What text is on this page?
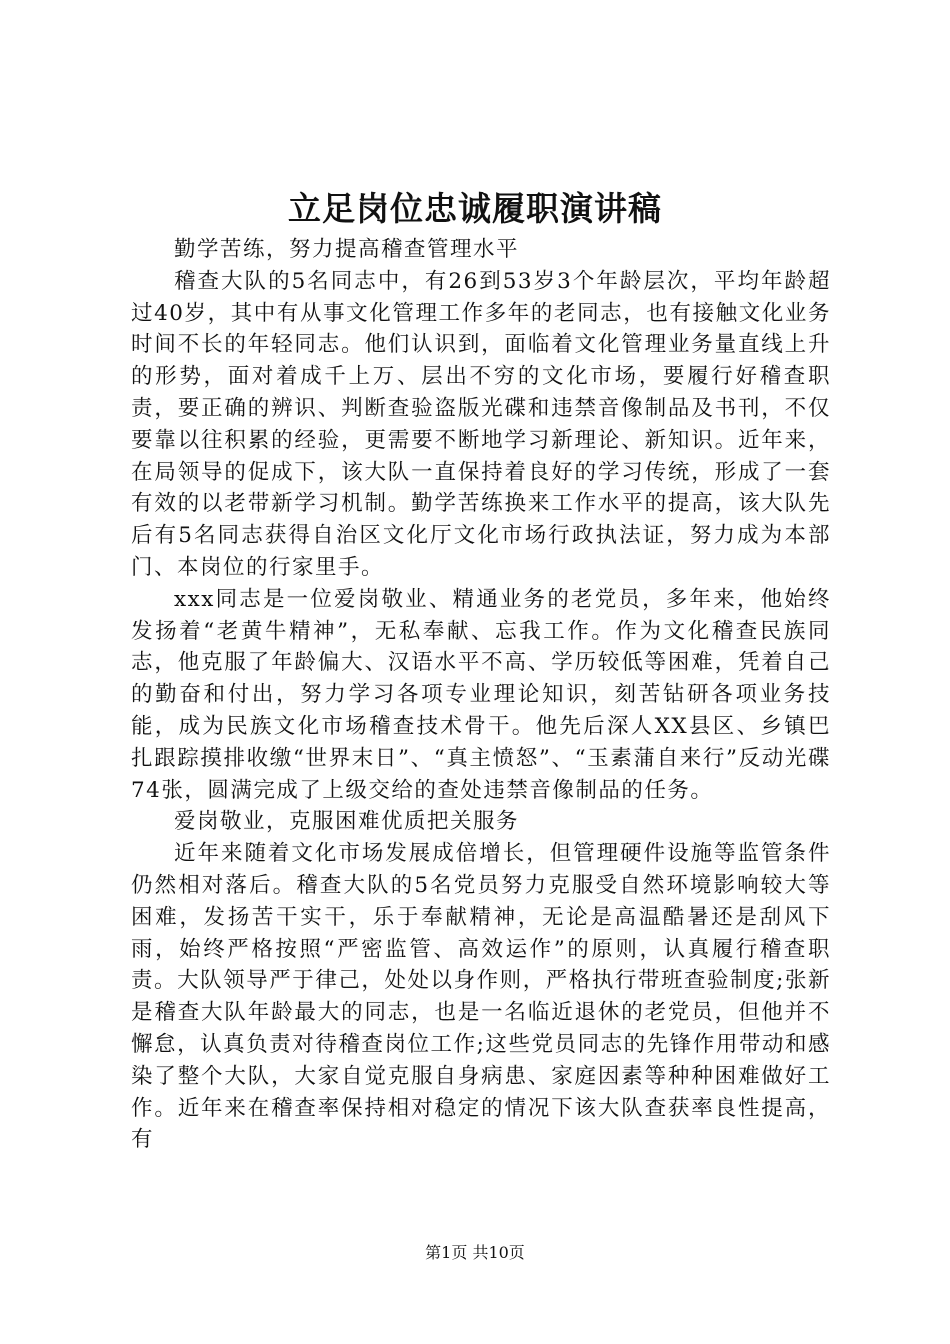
立足岗位忠诚履职演讲稿

勤学苦练，努力提高稽查管理水平

稽查大队的5名同志中，有26到53岁3个年龄层次，平均年龄超过40岁，其中有从事文化管理工作多年的老同志，也有接触文化业务时间不长的年轻同志。他们认识到，面临着文化管理业务量直线上升的形势，面对着成千上万、层出不穷的文化市场，要履行好稽查职责，要正确的辨识、判断查验盗版光碟和违禁音像制品及书刊，不仅要靠以往积累的经验，更需要不断地学习新理论、新知识。近年来，在局领导的促成下，该大队一直保持着良好的学习传统，形成了一套有效的以老带新学习机制。勤学苦练换来工作水平的提高，该大队先后有5名同志获得自治区文化厅文化市场行政执法证，努力成为本部门、本岗位的行家里手。

xxx同志是一位爱岗敬业、精通业务的老党员，多年来，他始终发扬着“老黄牛精神”，无私奉献、忘我工作。作为文化稽查民族同志，他克服了年龄偏大、汉语水平不高、学历较低等困难，凭着自己的勤奋和付出，努力学习各项专业理论知识，刻苦钻研各项业务技能，成为民族文化市场稽查技术骨干。他先后深人XX县区、乡镇巴扎跟踪摸排收缴“世界末日”、“真主愤怒”、“玉素蒲自来行”反动光碟74张，圆满完成了上级交给的查处违禁音像制品的任务。

爱岗敬业，克服困难优质把关服务

近年来随着文化市场发展成倍增长，但管理硬件设施等监管条件仍然相对落后。稽查大队的5名党员努力克服受自然环境影响较大等困难，发扬苦干实干，乐于奉献精神，无论是高温酷暑还是刮风下雨，始终严格按照“严密监管、高效运作”的原则，认真履行稽查职责。大队领导严于律己，处处以身作则，严格执行带班查验制度;张新是稽查大队年龄最大的同志，也是一名临近退休的老党员，但他并不懈怠，认真负责对待稽查岗位工作;这些党员同志的先锋作用带动和感染了整个大队，大家自觉克服自身病患、家庭因素等种种困难做好工作。近年来在稽查率保持相对稳定的情况下该大队查获率良性提高，有

第1页 共10页
